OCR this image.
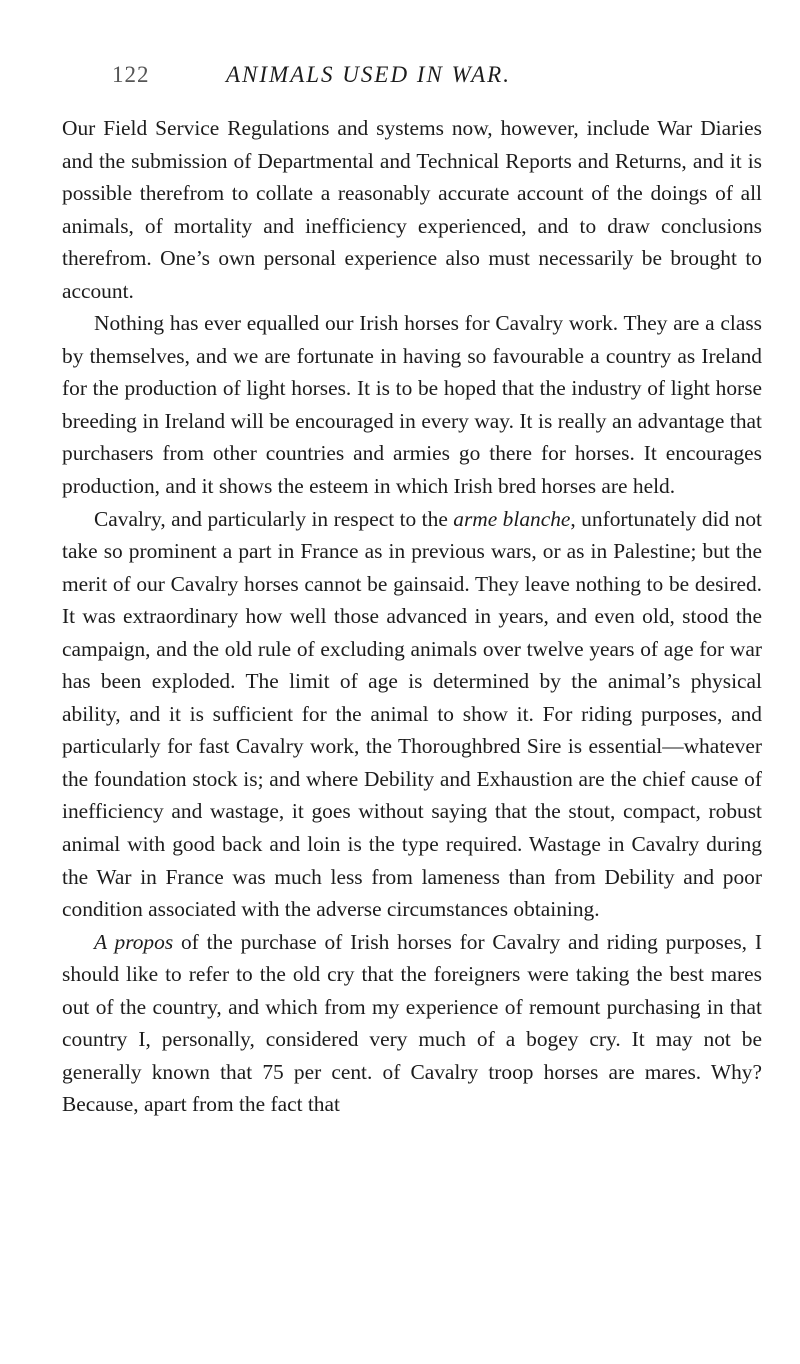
122	ANIMALS USED IN WAR.

Our Field Service Regulations and systems now, however, include War Diaries and the submission of Departmental and Technical Reports and Returns, and it is possible therefrom to collate a reasonably accurate account of the doings of all animals, of mortality and inefficiency experienced, and to draw conclusions therefrom. One’s own personal experience also must necessarily be brought to account.

Nothing has ever equalled our Irish horses for Cavalry work. They are a class by themselves, and we are fortunate in having so favourable a country as Ireland for the production of light horses. It is to be hoped that the industry of light horse breeding in Ireland will be encouraged in every way. It is really an advantage that purchasers from other countries and armies go there for horses. It encourages production, and it shows the esteem in which Irish bred horses are held.

Cavalry, and particularly in respect to the arme blanche, unfortunately did not take so prominent a part in France as in previous wars, or as in Palestine; but the merit of our Cavalry horses cannot be gainsaid. They leave nothing to be desired. It was extraordinary how well those advanced in years, and even old, stood the campaign, and the old rule of excluding animals over twelve years of age for war has been exploded. The limit of age is determined by the animal’s physical ability, and it is sufficient for the animal to show it. For riding purposes, and particularly for fast Cavalry work, the Thoroughbred Sire is essential—whatever the foundation stock is; and where Debility and Exhaustion are the chief cause of inefficiency and wastage, it goes without saying that the stout, compact, robust animal with good back and loin is the type required. Wastage in Cavalry during the War in France was much less from lameness than from Debility and poor condition associated with the adverse circumstances obtaining.

A propos of the purchase of Irish horses for Cavalry and riding purposes, I should like to refer to the old cry that the foreigners were taking the best mares out of the country, and which from my experience of remount purchasing in that country I, personally, considered very much of a bogey cry. It may not be generally known that 75 per cent. of Cavalry troop horses are mares. Why? Because, apart from the fact that
